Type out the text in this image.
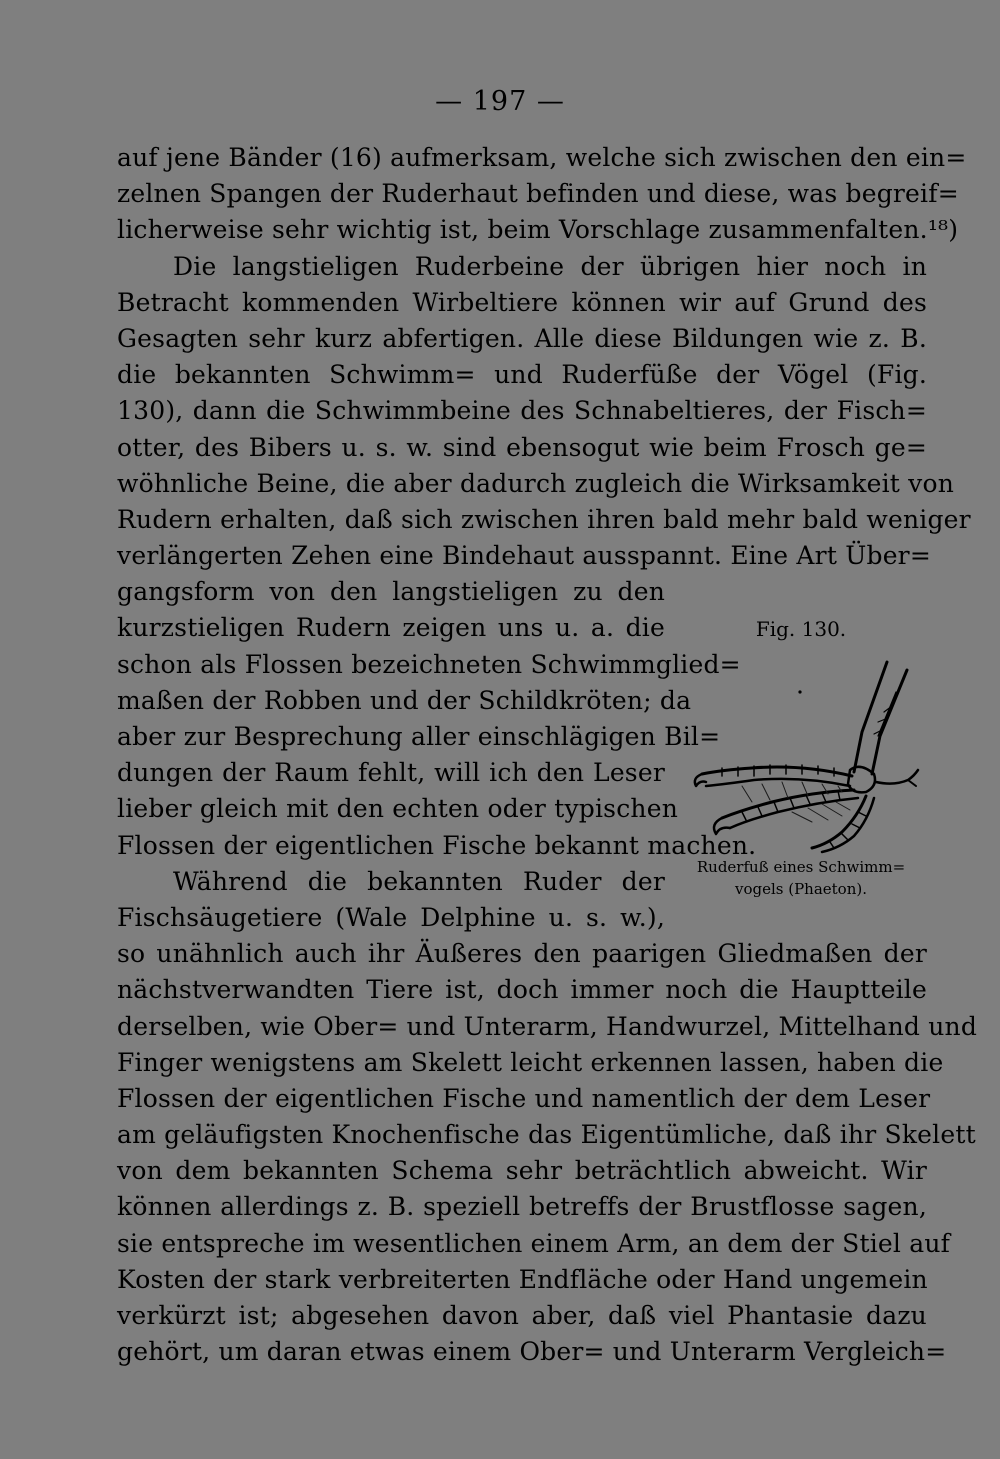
— 197 —
auf jene Bänder (16) aufmerksam, welche sich zwischen den ein=
zelnen Spangen der Ruderhaut befinden und diese, was begreif=
licherweise sehr wichtig ist, beim Vorschlage zusammenfalten.¹⁸)
Die langstieligen Ruderbeine der übrigen hier noch in
Betracht kommenden Wirbeltiere können wir auf Grund des
Gesagten sehr kurz abfertigen. Alle diese Bildungen wie z. B.
die bekannten Schwimm= und Ruderfüße der Vögel (Fig.
130), dann die Schwimmbeine des Schnabeltieres, der Fisch=
otter, des Bibers u. s. w. sind ebensogut wie beim Frosch ge=
wöhnliche Beine, die aber dadurch zugleich die Wirksamkeit von
Rudern erhalten, daß sich zwischen ihren bald mehr bald weniger
verlängerten Zehen eine Bindehaut ausspannt. Eine Art Über=
gangsform von den langstieligen zu den
kurzstieligen Rudern zeigen uns u. a. die
schon als Flossen bezeichneten Schwimmglied=
maßen der Robben und der Schildkröten; da
aber zur Besprechung aller einschlägigen Bil=
dungen der Raum fehlt, will ich den Leser
lieber gleich mit den echten oder typischen
Flossen der eigentlichen Fische bekannt machen.
Während die bekannten Ruder der
Fischsäugetiere (Wale Delphine u. s. w.),
so unähnlich auch ihr Äußeres den paarigen Gliedmaßen der
nächstverwandten Tiere ist, doch immer noch die Hauptteile
derselben, wie Ober= und Unterarm, Handwurzel, Mittelhand und
Finger wenigstens am Skelett leicht erkennen lassen, haben die
Flossen der eigentlichen Fische und namentlich der dem Leser
am geläufigsten Knochenfische das Eigentümliche, daß ihr Skelett
von dem bekannten Schema sehr beträchtlich abweicht. Wir
können allerdings z. B. speziell betreffs der Brustflosse sagen,
sie entspreche im wesentlichen einem Arm, an dem der Stiel auf
Kosten der stark verbreiterten Endfläche oder Hand ungemein
verkürzt ist; abgesehen davon aber, daß viel Phantasie dazu
gehört, um daran etwas einem Ober= und Unterarm Vergleich=
Fig. 130.
Ruderfuß eines Schwimm=
vogels (Phaeton).
